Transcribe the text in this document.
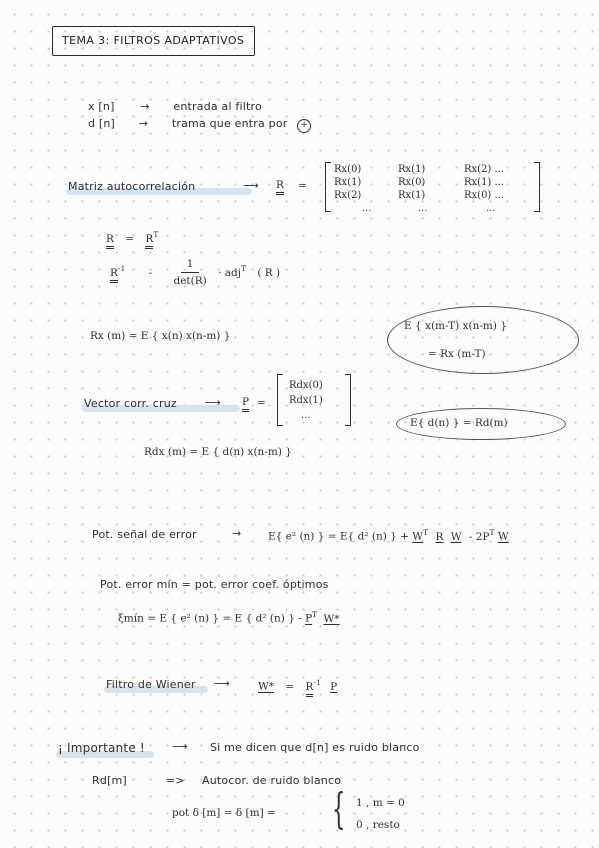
TEMA 3: FILTROS ADAPTATIVOS
x [n] → entrada al filtro
d [n] → trama que entra por +
Matriz autocorrelación	⟶ R =
Rx(0)	Rx(1)	Rx(2) ...
Rx(1)	Rx(0)	Rx(1) ...
Rx(2)	Rx(1)	Rx(0) ...
...	...	...
$R = R^T$
$R^{-1} - \frac{1}{\det(R)} \cdot adj^T$ ( R )
Rx (m) = E { x(n) x(n-m) }
E { x(m-T) x(n-m) }
= Rx (m-T)
Vector corr. cruz	⟶ P =
Rdx(0)
Rdx(1)
...
E{ d(n) } = Rd(m)
Rdx (m) = E { d(n) x(n-m) }
Pot. señal de error	→	E{ e² (n) } = E{ d² (n) } + $W^T$ R W - $2P^T$ W
Pot. error mín = pot. error coef. óptimos
ξmín = E { e² (n) } = E { d² (n) } - $P^T$ W*
Filtro de Wiener ⟶	$W* = R^{-1}$ P
¡ Importante ! ⟶ Si me dicen que d[n] es ruido blanco
Rd[m]	=> Autocor. de ruido blanco
pot δ [m] = δ [m] = { 1 , m = 0
0 , resto
